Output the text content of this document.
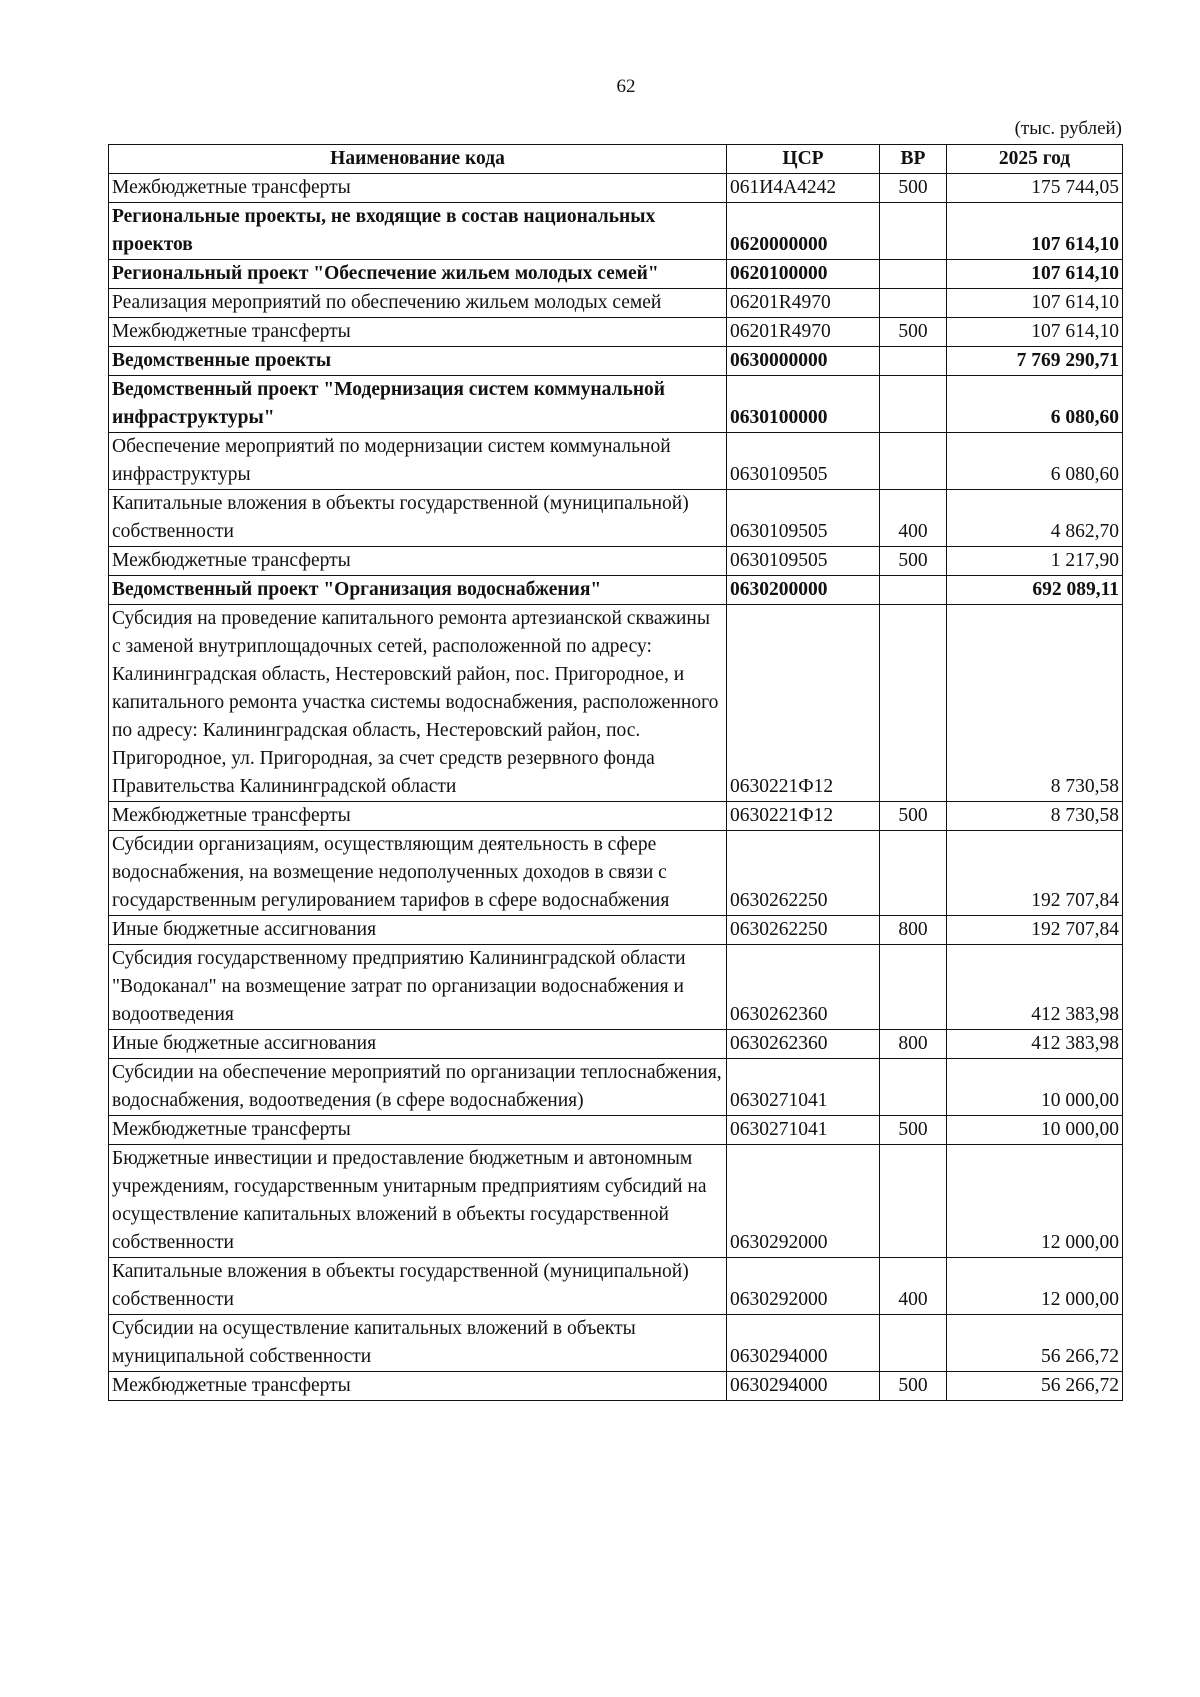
62
(тыс. рублей)
Наименование кода	ЦСР	ВР	2025 год
Межбюджетные трансферты	061И4А4242	500	175 744,05
Региональные проекты, не входящие в состав национальных проектов	0620000000		107 614,10
Региональный проект "Обеспечение жильем молодых семей"	0620100000		107 614,10
Реализация мероприятий по обеспечению жильем молодых семей	06201R4970		107 614,10
Межбюджетные трансферты	06201R4970	500	107 614,10
Ведомственные проекты	0630000000		7 769 290,71
Ведомственный проект "Модернизация систем коммунальной инфраструктуры"	0630100000		6 080,60
Обеспечение мероприятий по модернизации систем коммунальной инфраструктуры	0630109505		6 080,60
Капитальные вложения в объекты государственной (муниципальной) собственности	0630109505	400	4 862,70
Межбюджетные трансферты	0630109505	500	1 217,90
Ведомственный проект "Организация водоснабжения"	0630200000		692 089,11
Субсидия на проведение капитального ремонта артезианской скважины с заменой внутриплощадочных сетей, расположенной по адресу: Калининградская область, Нестеровский район, пос. Пригородное, и капитального ремонта участка системы водоснабжения, расположенного по адресу: Калининградская область, Нестеровский район, пос. Пригородное, ул. Пригородная, за счет средств резервного фонда Правительства Калининградской области	0630221Ф12		8 730,58
Межбюджетные трансферты	0630221Ф12	500	8 730,58
Субсидии организациям, осуществляющим деятельность в сфере водоснабжения, на возмещение недополученных доходов в связи с государственным регулированием тарифов в сфере водоснабжения	0630262250		192 707,84
Иные бюджетные ассигнования	0630262250	800	192 707,84
Субсидия государственному предприятию Калининградской области "Водоканал" на возмещение затрат по организации водоснабжения и водоотведения	0630262360		412 383,98
Иные бюджетные ассигнования	0630262360	800	412 383,98
Субсидии на обеспечение мероприятий по организации теплоснабжения, водоснабжения, водоотведения (в сфере водоснабжения)	0630271041		10 000,00
Межбюджетные трансферты	0630271041	500	10 000,00
Бюджетные инвестиции и предоставление бюджетным и автономным учреждениям, государственным унитарным предприятиям субсидий на осуществление капитальных вложений в объекты государственной собственности	0630292000		12 000,00
Капитальные вложения в объекты государственной (муниципальной) собственности	0630292000	400	12 000,00
Субсидии на осуществление капитальных вложений в объекты муниципальной собственности	0630294000		56 266,72
Межбюджетные трансферты	0630294000	500	56 266,72
